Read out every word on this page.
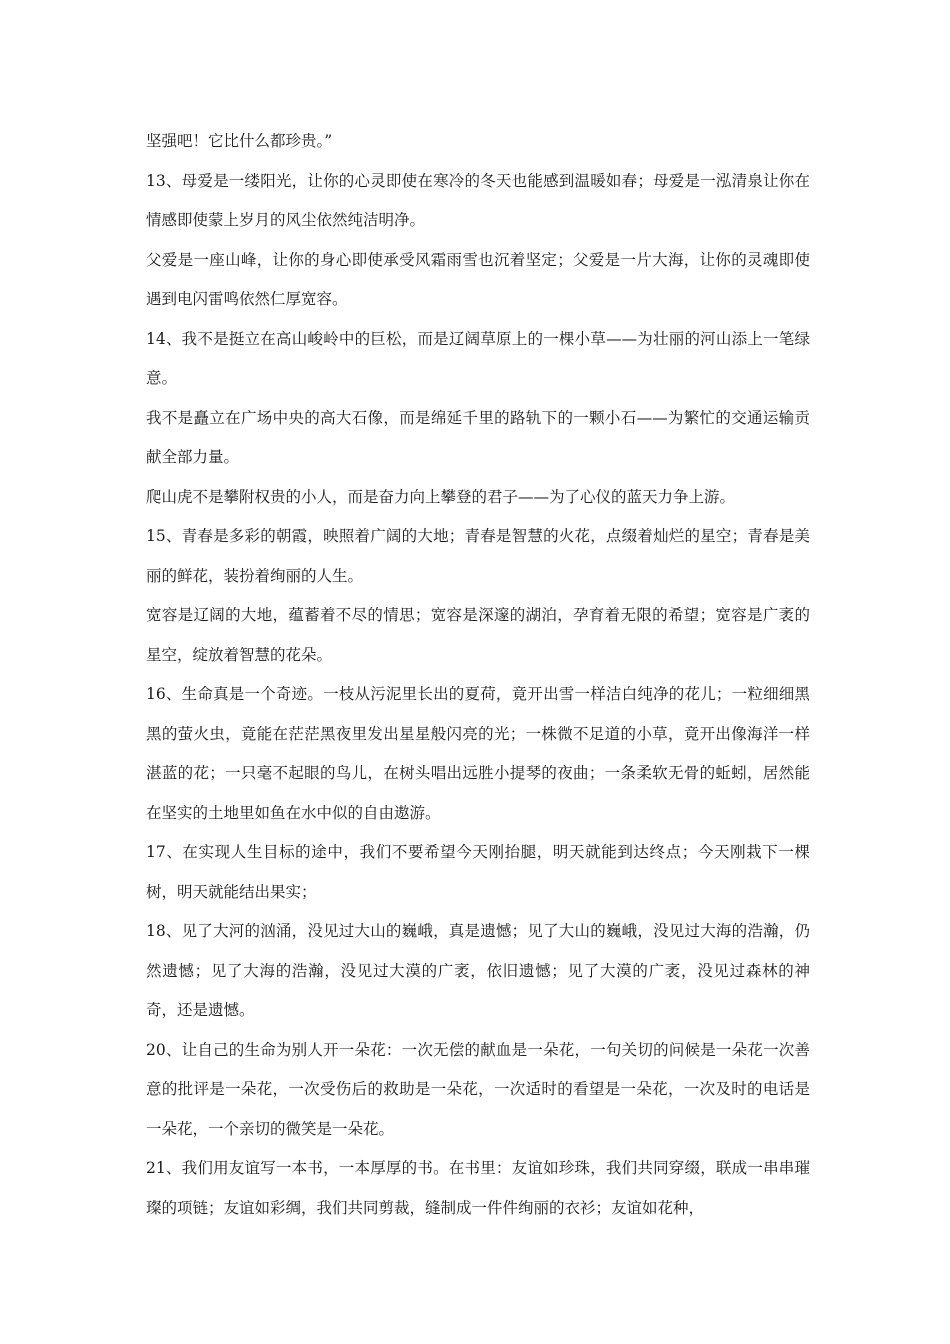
坚强吧！它比什么都珍贵。”

13、母爱是一缕阳光，让你的心灵即使在寒冷的冬天也能感到温暖如春；母爱是一泓清泉让你在情感即使蒙上岁月的风尘依然纯洁明净。

父爱是一座山峰，让你的身心即使承受风霜雨雪也沉着坚定；父爱是一片大海，让你的灵魂即使遇到电闪雷鸣依然仁厚宽容。

14、我不是挺立在高山峻岭中的巨松，而是辽阔草原上的一棵小草——为壮丽的河山添上一笔绿意。

我不是矗立在广场中央的高大石像，而是绵延千里的路轨下的一颗小石——为繁忙的交通运输贡献全部力量。

爬山虎不是攀附权贵的小人，而是奋力向上攀登的君子——为了心仪的蓝天力争上游。

15、青春是多彩的朝霞，映照着广阔的大地；青春是智慧的火花，点缀着灿烂的星空；青春是美丽的鲜花，装扮着绚丽的人生。

宽容是辽阔的大地，蕴蓄着不尽的情思；宽容是深邃的湖泊，孕育着无限的希望；宽容是广袤的星空，绽放着智慧的花朵。

16、生命真是一个奇迹。一枝从污泥里长出的夏荷，竟开出雪一样洁白纯净的花儿；一粒细细黑黑的萤火虫，竟能在茫茫黑夜里发出星星般闪亮的光；一株微不足道的小草，竟开出像海洋一样湛蓝的花；一只毫不起眼的鸟儿，在树头唱出远胜小提琴的夜曲；一条柔软无骨的蚯蚓，居然能在坚实的土地里如鱼在水中似的自由遨游。

17、在实现人生目标的途中，我们不要希望今天刚抬腿，明天就能到达终点；今天刚栽下一棵树，明天就能结出果实；

18、见了大河的汹涌，没见过大山的巍峨，真是遗憾；见了大山的巍峨，没见过大海的浩瀚，仍然遗憾；见了大海的浩瀚，没见过大漠的广袤，依旧遗憾；见了大漠的广袤，没见过森林的神奇，还是遗憾。

20、让自己的生命为别人开一朵花：一次无偿的献血是一朵花，一句关切的问候是一朵花一次善意的批评是一朵花，一次受伤后的救助是一朵花，一次适时的看望是一朵花，一次及时的电话是一朵花，一个亲切的微笑是一朵花。

21、我们用友谊写一本书，一本厚厚的书。在书里：友谊如珍珠，我们共同穿缀，联成一串串璀璨的项链；友谊如彩绸，我们共同剪裁，缝制成一件件绚丽的衣衫；友谊如花种，
